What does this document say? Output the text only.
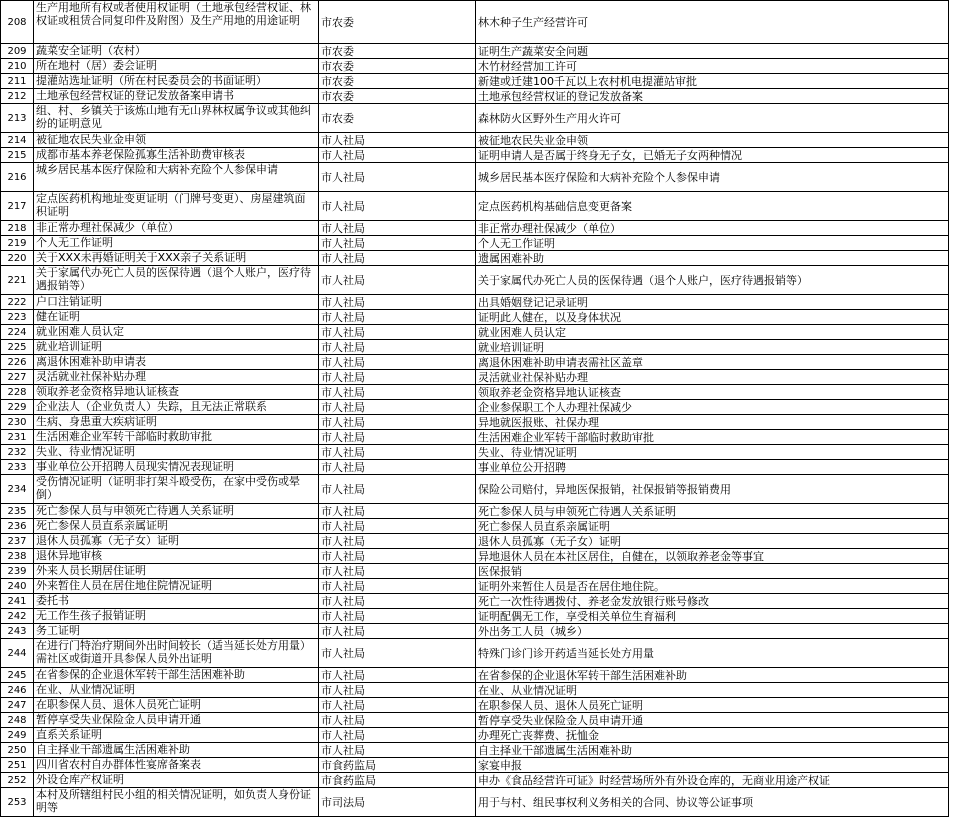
208	生产用地所有权或者使用权证明（土地承包经营权证、林权证或租赁合同复印件及附图）及生产用地的用途证明	市农委	林木种子生产经营许可
209	蔬菜安全证明（农村）	市农委	证明生产蔬菜安全问题
210	所在地村（居）委会证明	市农委	木竹材经营加工许可
211	提灌站选址证明（所在村民委员会的书面证明）	市农委	新建或迁建100千瓦以上农村机电提灌站审批
212	土地承包经营权证的登记发放备案申请书	市农委	土地承包经营权证的登记发放备案
213	组、村、乡镇关于该炼山地有无山界林权属争议或其他纠纷的证明意见	市农委	森林防火区野外生产用火许可
214	被征地农民失业金申领	市人社局	被征地农民失业金申领
215	成都市基本养老保险孤寡生活补助费审核表	市人社局	证明申请人是否属于终身无子女，已婚无子女两种情况
216	城乡居民基本医疗保险和大病补充险个人参保申请	市人社局	城乡居民基本医疗保险和大病补充险个人参保申请
217	定点医药机构地址变更证明（门牌号变更）、房屋建筑面积证明	市人社局	定点医药机构基础信息变更备案
218	非正常办理社保减少（单位）	市人社局	非正常办理社保减少（单位）
219	个人无工作证明	市人社局	个人无工作证明
220	关于XXX未再婚证明关于XXX亲子关系证明	市人社局	遗属困难补助
221	关于家属代办死亡人员的医保待遇（退个人账户，医疗待遇报销等）	市人社局	关于家属代办死亡人员的医保待遇（退个人账户，医疗待遇报销等）
222	户口注销证明	市人社局	出具婚姻登记记录证明
223	健在证明	市人社局	证明此人健在，以及身体状况
224	就业困难人员认定	市人社局	就业困难人员认定
225	就业培训证明	市人社局	就业培训证明
226	离退休困难补助申请表	市人社局	离退休困难补助申请表需社区盖章
227	灵活就业社保补贴办理	市人社局	灵活就业社保补贴办理
228	领取养老金资格异地认证核查	市人社局	领取养老金资格异地认证核查
229	企业法人（企业负责人）失踪，且无法正常联系	市人社局	企业参保职工个人办理社保减少
230	生病、身患重大疾病证明	市人社局	异地就医报账、社保办理
231	生活困难企业军转干部临时救助审批	市人社局	生活困难企业军转干部临时救助审批
232	失业、待业情况证明	市人社局	失业、待业情况证明
233	事业单位公开招聘人员现实情况表现证明	市人社局	事业单位公开招聘
234	受伤情况证明（证明非打架斗殴受伤，在家中受伤或晕倒）	市人社局	保险公司赔付，异地医保报销，社保报销等报销费用
235	死亡参保人员与申领死亡待遇人关系证明	市人社局	死亡参保人员与申领死亡待遇人关系证明
236	死亡参保人员直系亲属证明	市人社局	死亡参保人员直系亲属证明
237	退休人员孤寡（无子女）证明	市人社局	退休人员孤寡（无子女）证明
238	退休异地审核	市人社局	异地退休人员在本社区居住，自健在，以领取养老金等事宜
239	外来人员长期居住证明	市人社局	医保报销
240	外来暂住人员在居住地住院情况证明	市人社局	证明外来暂住人员是否在居住地住院。
241	委托书	市人社局	死亡一次性待遇拨付、养老金发放银行账号修改
242	无工作生孩子报销证明	市人社局	证明配偶无工作，享受相关单位生育福利
243	务工证明	市人社局	外出务工人员（城乡）
244	在进行门特治疗期间外出时间较长（适当延长处方用量）需社区或街道开具参保人员外出证明	市人社局	特殊门诊门诊开药适当延长处方用量
245	在省参保的企业退休军转干部生活困难补助	市人社局	在省参保的企业退休军转干部生活困难补助
246	在业、从业情况证明	市人社局	在业、从业情况证明
247	在职参保人员、退休人员死亡证明	市人社局	在职参保人员、退休人员死亡证明
248	暂停享受失业保险金人员申请开通	市人社局	暂停享受失业保险金人员申请开通
249	直系关系证明	市人社局	办理死亡丧葬费、抚恤金
250	自主择业干部遗属生活困难补助	市人社局	自主择业干部遗属生活困难补助
251	四川省农村自办群体性宴席备案表	市食药监局	家宴申报
252	外设仓库产权证明	市食药监局	申办《食品经营许可证》时经营场所外有外设仓库的，无商业用途产权证
253	本村及所辖组村民小组的相关情况证明，如负责人身份证明等	市司法局	用于与村、组民事权利义务相关的合同、协议等公证事项
